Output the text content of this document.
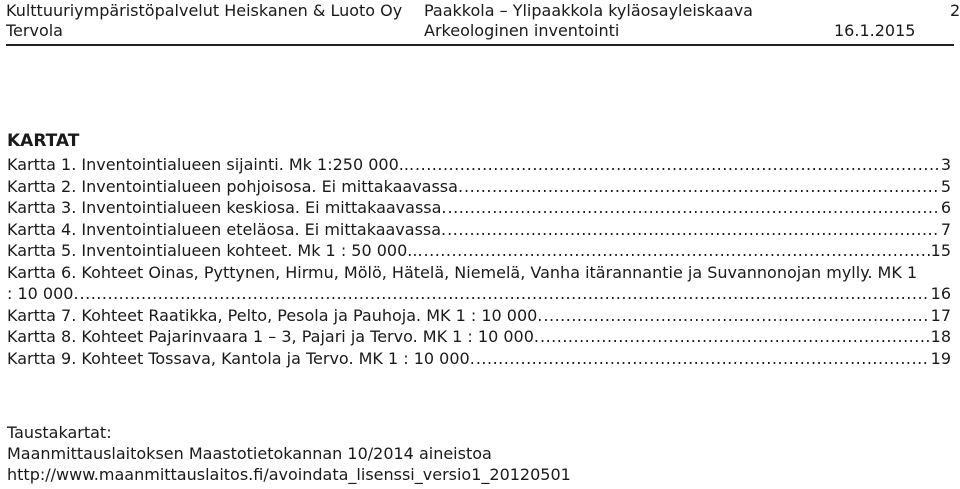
Kulttuuriympäristöpalvelut Heiskanen & Luoto Oy
Tervola
Paakkola – Ylipaakkola kyläosayleiskaava
Arkeologinen inventointi	16.1.2015
2
KARTAT
Kartta 1. Inventointialueen sijainti. Mk 1:250 000... .....	3
Kartta 2. Inventointialueen pohjoisosa. Ei mittakaavassa. .....	5
Kartta 3. Inventointialueen keskiosa. Ei mittakaavassa. .....	6
Kartta 4. Inventointialueen eteläosa. Ei mittakaavassa. .....	7
Kartta 5. Inventointialueen kohteet. Mk 1 : 50 000... .....	15
Kartta 6. Kohteet Oinas, Pyttynen, Hirmu, Mölö, Hätelä, Niemelä, Vanha itärannantie ja Suvannonojan mylly. MK 1
: 10 000. .....	16
Kartta 7. Kohteet Raatikka, Pelto, Pesola ja Pauhoja. MK 1 : 10 000. .....	17
Kartta 8. Kohteet Pajarinvaara 1 – 3, Pajari ja Tervo. MK 1 : 10 000. .....	18
Kartta 9. Kohteet Tossava, Kantola ja Tervo. MK 1 : 10 000. .....	19
Taustakartat:
Maanmittauslaitoksen Maastotietokannan 10/2014 aineistoa
http://www.maanmittauslaitos.fi/avoindata_lisenssi_versio1_20120501
